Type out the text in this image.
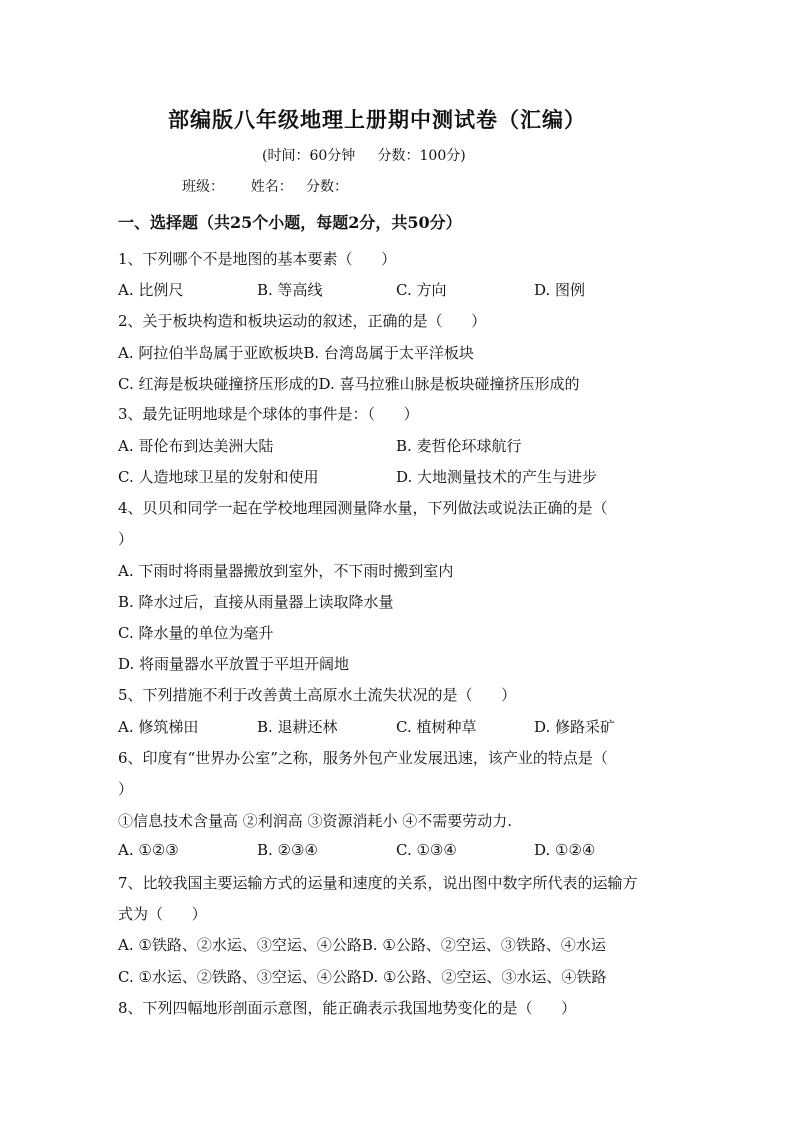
部编版八年级地理上册期中测试卷（汇编）
(时间：60分钟     分数：100分)
班级：      姓名：   分数：
一、选择题（共25个小题，每题2分，共50分）
1、下列哪个不是地图的基本要素（      ）
A. 比例尺	B. 等高线	C. 方向	D. 图例
2、关于板块构造和板块运动的叙述，正确的是（      ）
A. 阿拉伯半岛属于亚欧板块B. 台湾岛属于太平洋板块
C. 红海是板块碰撞挤压形成的D. 喜马拉雅山脉是板块碰撞挤压形成的
3、最先证明地球是个球体的事件是：（      ）
A. 哥伦布到达美洲大陆	B. 麦哲伦环球航行
C. 人造地球卫星的发射和使用	D. 大地测量技术的产生与进步
4、贝贝和同学一起在学校地理园测量降水量，下列做法或说法正确的是（
）
A. 下雨时将雨量器搬放到室外，不下雨时搬到室内
B. 降水过后，直接从雨量器上读取降水量
C. 降水量的单位为毫升
D. 将雨量器水平放置于平坦开阔地
5、下列措施不利于改善黄土高原水土流失状况的是（      ）
A. 修筑梯田	B. 退耕还林	C. 植树种草	D. 修路采矿
6、印度有“世界办公室”之称，服务外包产业发展迅速，该产业的特点是（
）
①信息技术含量高 ②利润高 ③资源消耗小 ④不需要劳动力.
A. ①②③	B. ②③④	C. ①③④	D. ①②④
7、比较我国主要运输方式的运量和速度的关系，说出图中数字所代表的运输方
式为（      ）
A. ①铁路、②水运、③空运、④公路B. ①公路、②空运、③铁路、④水运
C. ①水运、②铁路、③空运、④公路D. ①公路、②空运、③水运、④铁路
8、下列四幅地形剖面示意图，能正确表示我国地势变化的是（      ）
